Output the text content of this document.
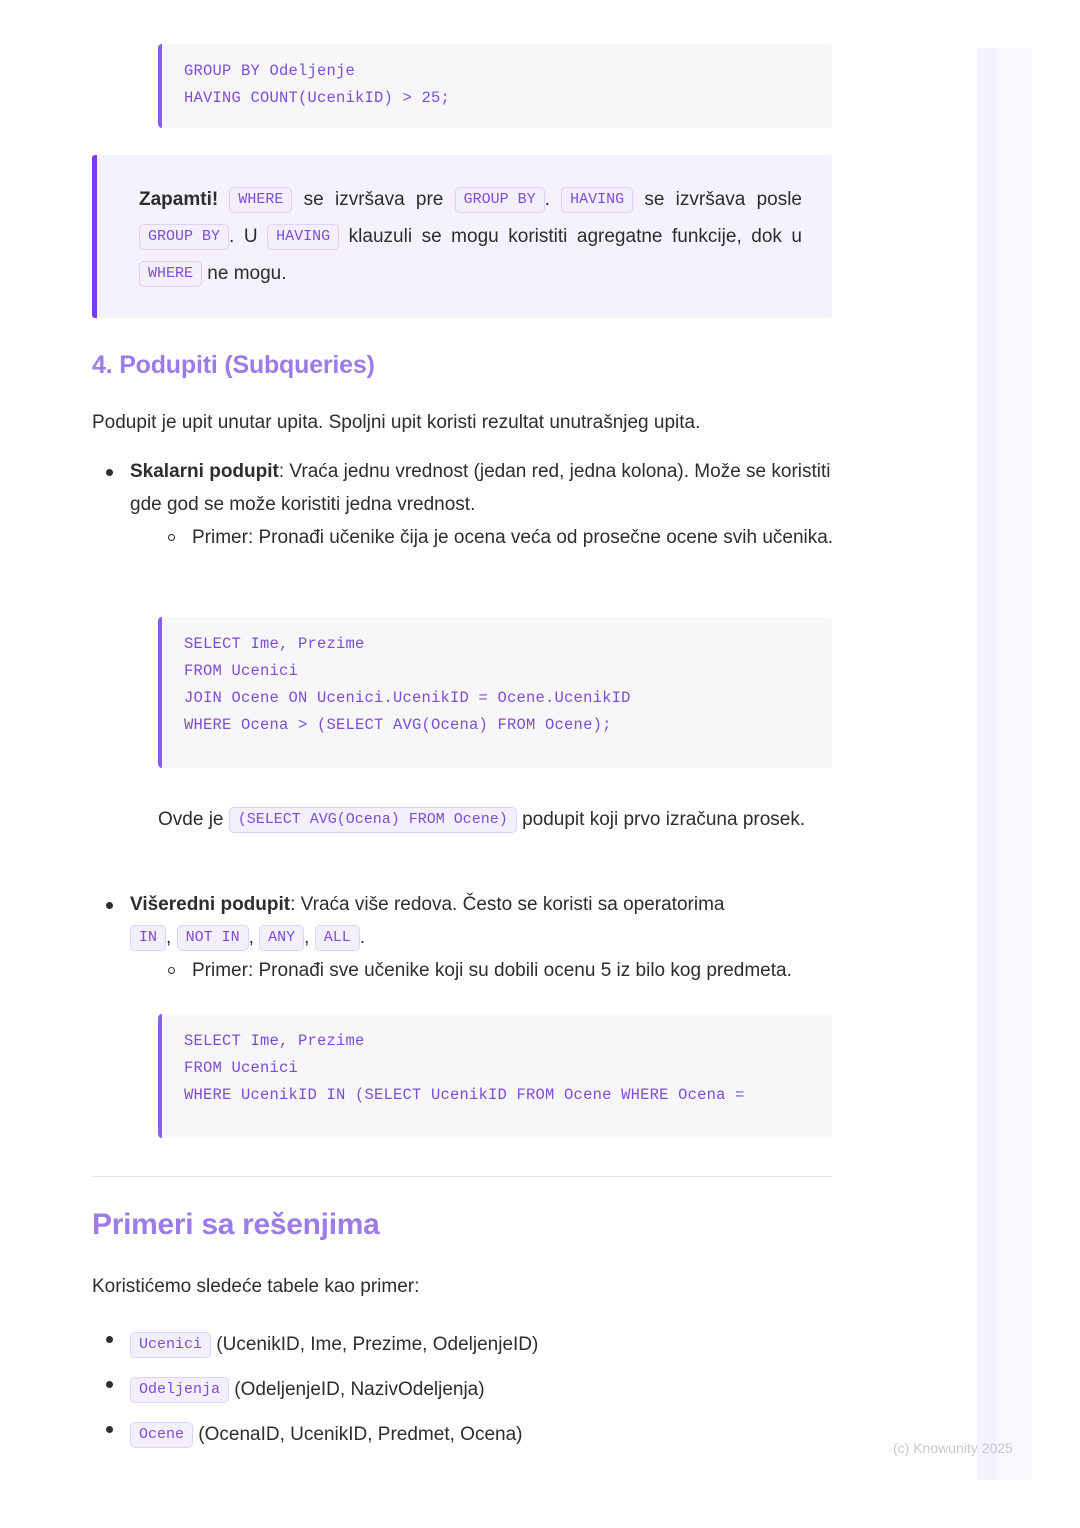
GROUP BY Odeljenje
HAVING COUNT(UcenikID) > 25;

Zapamti! WHERE se izvršava pre GROUP BY . HAVING se izvršava posle GROUP BY . U HAVING klauzuli se mogu koristiti agregatne funkcije, dok u WHERE ne mogu.

4. Podupiti (Subqueries)

Podupit je upit unutar upita. Spoljni upit koristi rezultat unutrašnjeg upita.

Skalarni podupit: Vraća jednu vrednost (jedan red, jedna kolona). Može se koristiti gde god se može koristiti jedna vrednost.
Primer: Pronađi učenike čija je ocena veća od prosečne ocene svih učenika.
SELECT Ime, Prezime
FROM Ucenici
JOIN Ocene ON Ucenici.UcenikID = Ocene.UcenikID
WHERE Ocena > (SELECT AVG(Ocena) FROM Ocene);

Ovde je (SELECT AVG(Ocena) FROM Ocene) podupit koji prvo izračuna prosek.

Višeredni podupit: Vraća više redova. Često se koristi sa operatorima
IN , NOT IN , ANY , ALL .
Primer: Pronađi sve učenike koji su dobili ocenu 5 iz bilo kog predmeta.
SELECT Ime, Prezime
FROM Ucenici
WHERE UcenikID IN (SELECT UcenikID FROM Ocene WHERE Ocena =
Primeri sa rešenjima

Koristićemo sledeće tabele kao primer:

Ucenici (UcenikID, Ime, Prezime, OdeljenjeID)
Odeljenja (OdeljenjeID, NazivOdeljenja)
Ocene (OcenaID, UcenikID, Predmet, Ocena)
(c) Knowunity 2025
